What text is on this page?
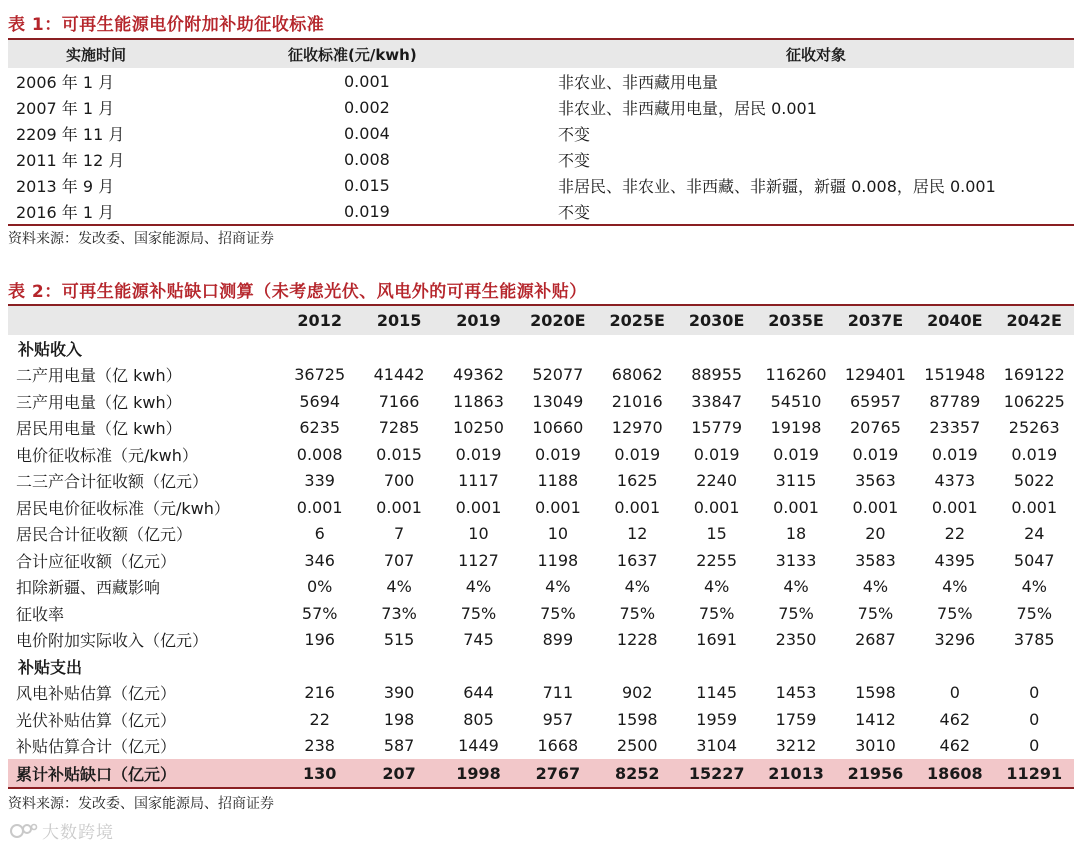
表 1：可再生能源电价附加补助征收标准
实施时间	征收标准(元/kwh)	征收对象
2006 年 1 月	0.001	非农业、非西藏用电量
2007 年 1 月	0.002	非农业、非西藏用电量，居民 0.001
2209 年 11 月	0.004	不变
2011 年 12 月	0.008	不变
2013 年 9 月	0.015	非居民、非农业、非西藏、非新疆，新疆 0.008，居民 0.001
2016 年 1 月	0.019	不变
资料来源：发改委、国家能源局、招商证券
表 2：可再生能源补贴缺口测算（未考虑光伏、风电外的可再生能源补贴）
	2012	2015	2019	2020E	2025E	2030E	2035E	2037E	2040E	2042E
补贴收入										
二产用电量（亿 kwh）	36725	41442	49362	52077	68062	88955	116260	129401	151948	169122
三产用电量（亿 kwh）	5694	7166	11863	13049	21016	33847	54510	65957	87789	106225
居民用电量（亿 kwh）	6235	7285	10250	10660	12970	15779	19198	20765	23357	25263
电价征收标准（元/kwh）	0.008	0.015	0.019	0.019	0.019	0.019	0.019	0.019	0.019	0.019
二三产合计征收额（亿元）	339	700	1117	1188	1625	2240	3115	3563	4373	5022
居民电价征收标准（元/kwh）	0.001	0.001	0.001	0.001	0.001	0.001	0.001	0.001	0.001	0.001
居民合计征收额（亿元）	6	7	10	10	12	15	18	20	22	24
合计应征收额（亿元）	346	707	1127	1198	1637	2255	3133	3583	4395	5047
扣除新疆、西藏影响	0%	4%	4%	4%	4%	4%	4%	4%	4%	4%
征收率	57%	73%	75%	75%	75%	75%	75%	75%	75%	75%
电价附加实际收入（亿元）	196	515	745	899	1228	1691	2350	2687	3296	3785
补贴支出										
风电补贴估算（亿元）	216	390	644	711	902	1145	1453	1598	0	0
光伏补贴估算（亿元）	22	198	805	957	1598	1959	1759	1412	462	0
补贴估算合计（亿元）	238	587	1449	1668	2500	3104	3212	3010	462	0
累计补贴缺口（亿元）	130	207	1998	2767	8252	15227	21013	21956	18608	11291
资料来源：发改委、国家能源局、招商证券
大数跨境
